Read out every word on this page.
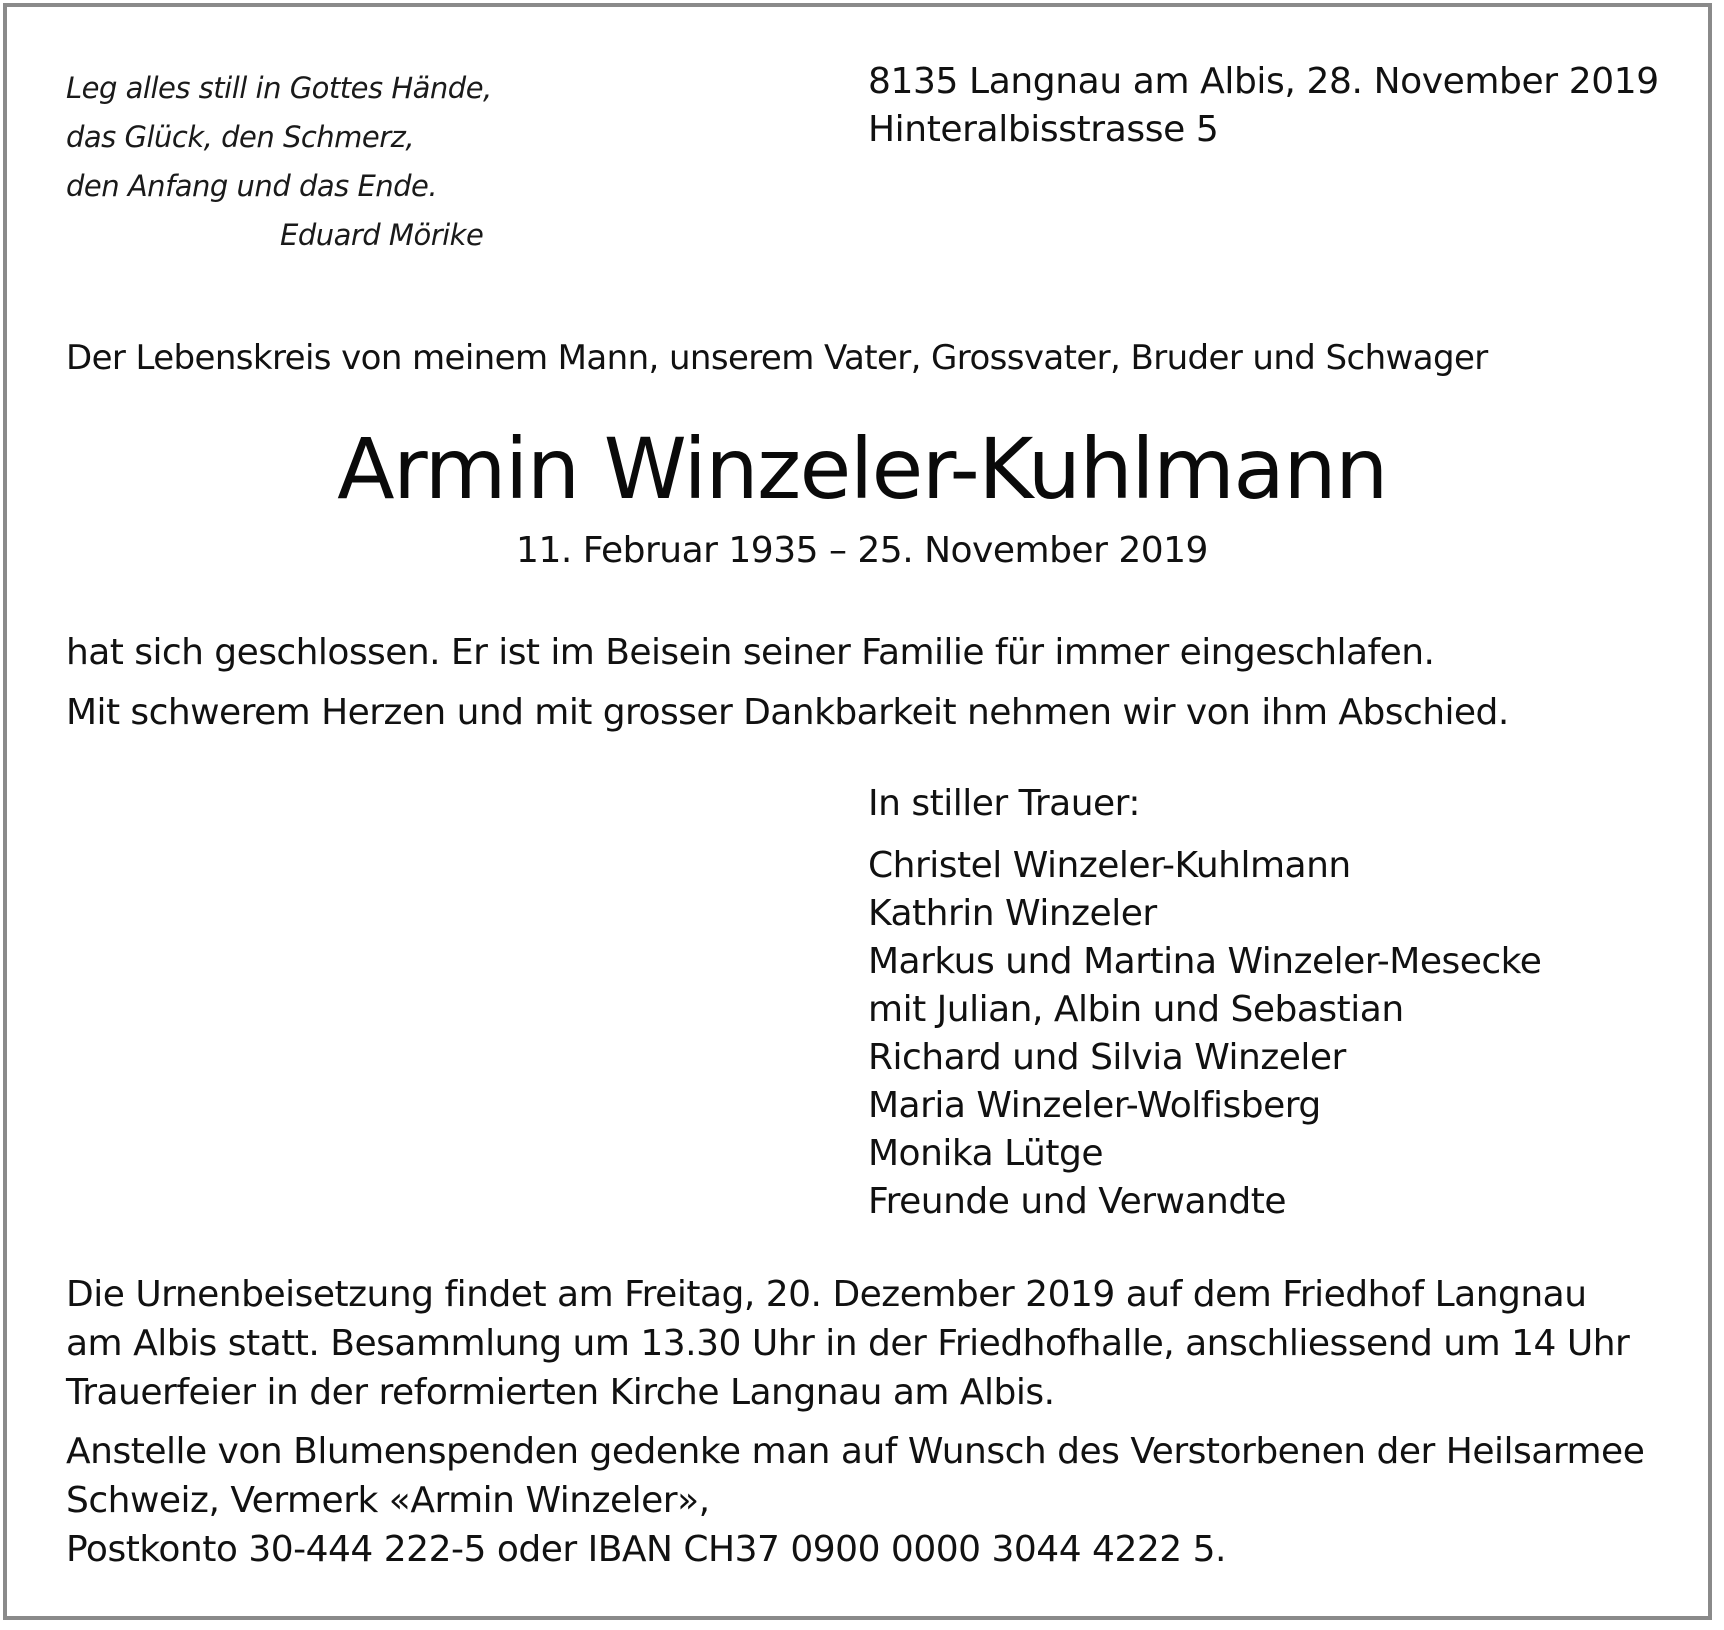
Leg alles still in Gottes Hände,
das Glück, den Schmerz,
den Anfang und das Ende.
Eduard Mörike
8135 Langnau am Albis, 28. November 2019
Hinteralbisstrasse 5
Der Lebenskreis von meinem Mann, unserem Vater, Grossvater, Bruder und Schwager
Armin Winzeler-Kuhlmann
11. Februar 1935 – 25. November 2019
hat sich geschlossen. Er ist im Beisein seiner Familie für immer eingeschlafen.
Mit schwerem Herzen und mit grosser Dankbarkeit nehmen wir von ihm Abschied.
In stiller Trauer:
Christel Winzeler-Kuhlmann
Kathrin Winzeler
Markus und Martina Winzeler-Mesecke
mit Julian, Albin und Sebastian
Richard und Silvia Winzeler
Maria Winzeler-Wolfisberg
Monika Lütge
Freunde und Verwandte
Die Urnenbeisetzung findet am Freitag, 20. Dezember 2019 auf dem Friedhof Langnau
am Albis statt. Besammlung um 13.30 Uhr in der Friedhofhalle, anschliessend um 14 Uhr
Trauerfeier in der reformierten Kirche Langnau am Albis.
Anstelle von Blumenspenden gedenke man auf Wunsch des Verstorbenen der Heilsarmee
Schweiz, Vermerk «Armin Winzeler»,
Postkonto 30-444 222-5 oder IBAN CH37 0900 0000 3044 4222 5.
